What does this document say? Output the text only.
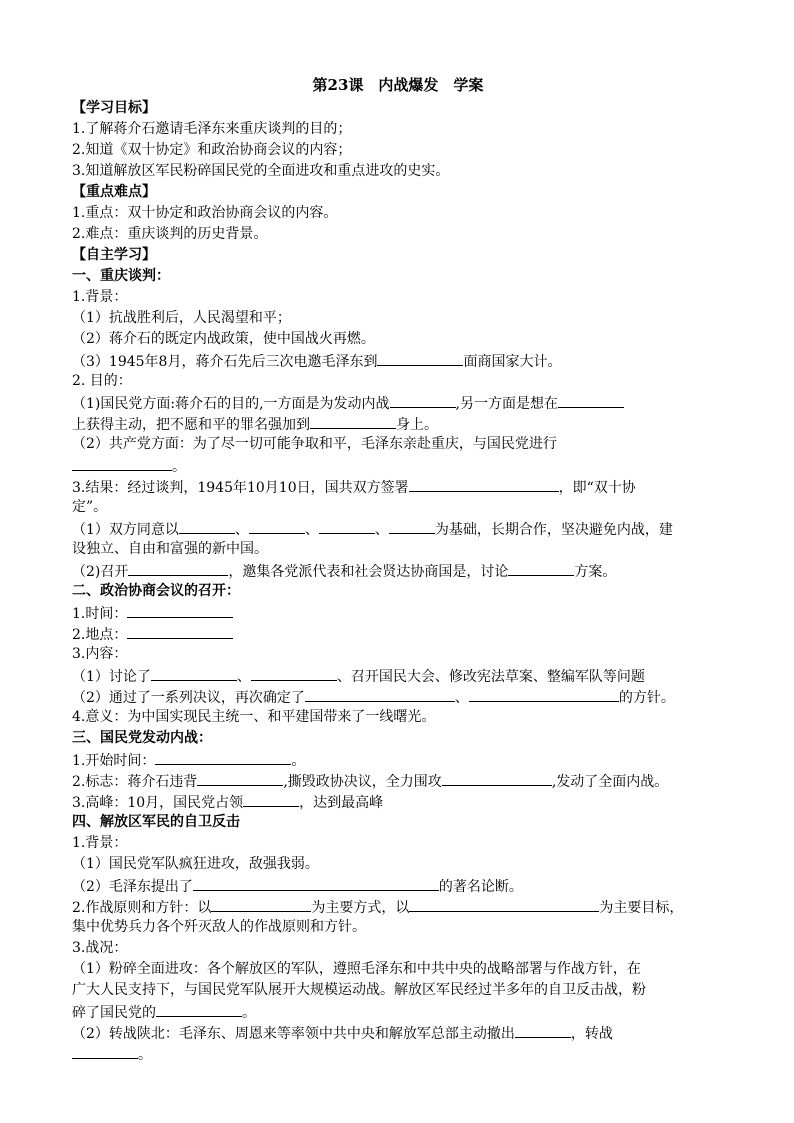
第23课　内战爆发　学案
【学习目标】
1.了解蒋介石邀请毛泽东来重庆谈判的目的；
2.知道《双十协定》和政治协商会议的内容；
3.知道解放区军民粉碎国民党的全面进攻和重点进攻的史实。
【重点难点】
1.重点：双十协定和政治协商会议的内容。
2.难点：重庆谈判的历史背景。
【自主学习】
一、重庆谈判：
1.背景：
（1）抗战胜利后，人民渴望和平；
（2）蒋介石的既定内战政策，使中国战火再燃。
（3）1945年8月，蒋介石先后三次电邀毛泽东到	面商国家大计。
2. 目的：
（1)国民党方面:蒋介石的目的,一方面是为发动内战	,另一方面是想在
上获得主动，把不愿和平的罪名强加到	身上。
（2）共产党方面：为了尽一切可能争取和平，毛泽东亲赴重庆，与国民党进行
。
3.结果：经过谈判，1945年10月10日，国共双方签署	，即“双十协
定”。
（1）双方同意以	、	、	、	为基础，长期合作，坚决避免内战，建
设独立、自由和富强的新中国。
（2)召开	，邀集各党派代表和社会贤达协商国是，讨论	方案。
二、政治协商会议的召开：
1.时间：
2.地点：
3.内容：
（1）讨论了	、	、召开国民大会、修改宪法草案、整编军队等问题
（2）通过了一系列决议，再次确定了	、	的方针。
4.意义：为中国实现民主统一、和平建国带来了一线曙光。
三、国民党发动内战：
1.开始时间：	。
2.标志：蒋介石违背	,撕毁政协决议，全力围攻	,发动了全面内战。
3.高峰：10月，国民党占领	，达到最高峰
四、解放区军民的自卫反击
1.背景：
（1）国民党军队疯狂进攻，敌强我弱。
（2）毛泽东提出了	的著名论断。
2.作战原则和方针：以	为主要方式，以	为主要目标，
集中优势兵力各个歼灭敌人的作战原则和方针。
3.战况：
（1）粉碎全面进攻：各个解放区的军队，遵照毛泽东和中共中央的战略部署与作战方针，在
广大人民支持下，与国民党军队展开大规模运动战。解放区军民经过半多年的自卫反击战，粉
碎了国民党的	。
（2）转战陕北：毛泽东、周恩来等率领中共中央和解放军总部主动撤出	，转战
。
